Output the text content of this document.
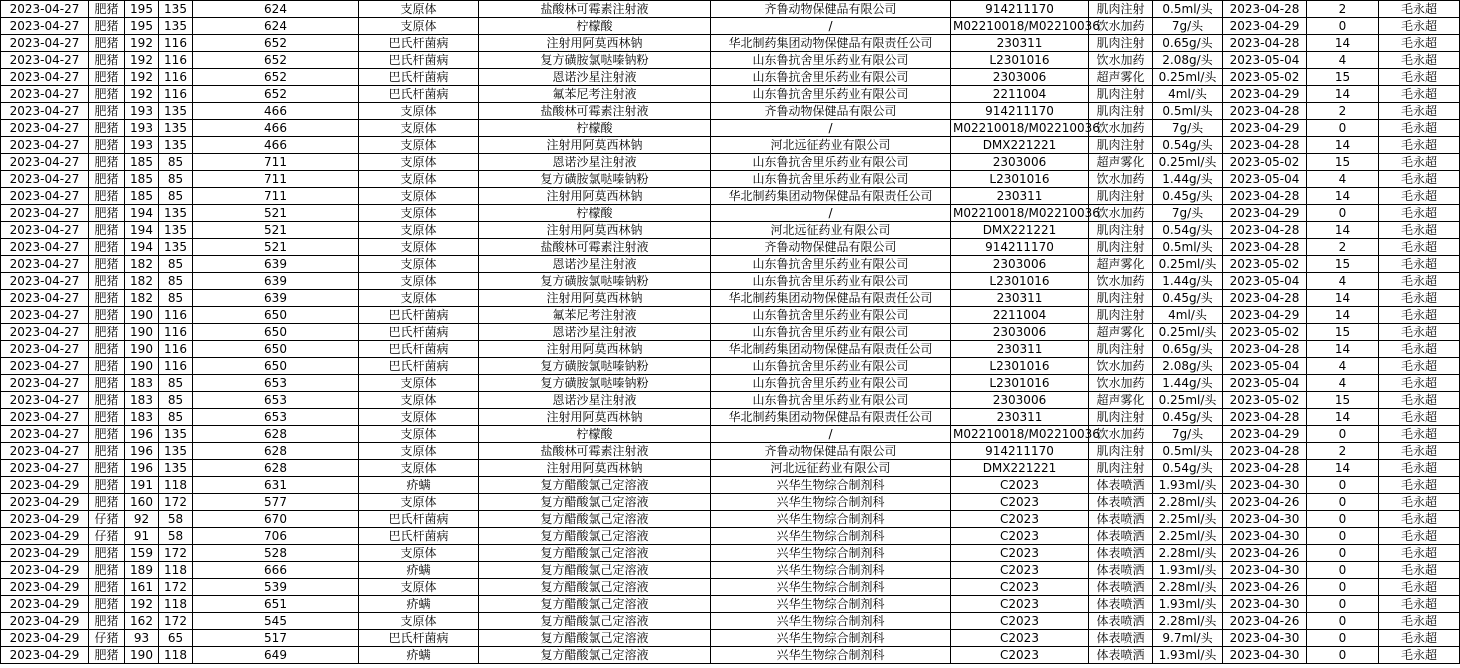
2023-04-27	肥猪	195	135	624	支原体	盐酸林可霉素注射液	齐鲁动物保健品有限公司	914211170	肌肉注射	0.5ml/头	2023-04-28	2	毛永超
2023-04-27	肥猪	195	135	624	支原体	柠檬酸	/	M02210018/M02210036	饮水加药	7g/头	2023-04-29	0	毛永超
2023-04-27	肥猪	192	116	652	巴氏杆菌病	注射用阿莫西林钠	华北制药集团动物保健品有限责任公司	230311	肌肉注射	0.65g/头	2023-04-28	14	毛永超
2023-04-27	肥猪	192	116	652	巴氏杆菌病	复方磺胺氯哒嗪钠粉	山东鲁抗舍里乐药业有限公司	L2301016	饮水加药	2.08g/头	2023-05-04	4	毛永超
2023-04-27	肥猪	192	116	652	巴氏杆菌病	恩诺沙星注射液	山东鲁抗舍里乐药业有限公司	2303006	超声雾化	0.25ml/头	2023-05-02	15	毛永超
2023-04-27	肥猪	192	116	652	巴氏杆菌病	氟苯尼考注射液	山东鲁抗舍里乐药业有限公司	2211004	肌肉注射	4ml/头	2023-04-29	14	毛永超
2023-04-27	肥猪	193	135	466	支原体	盐酸林可霉素注射液	齐鲁动物保健品有限公司	914211170	肌肉注射	0.5ml/头	2023-04-28	2	毛永超
2023-04-27	肥猪	193	135	466	支原体	柠檬酸	/	M02210018/M02210036	饮水加药	7g/头	2023-04-29	0	毛永超
2023-04-27	肥猪	193	135	466	支原体	注射用阿莫西林钠	河北远征药业有限公司	DMX221221	肌肉注射	0.54g/头	2023-04-28	14	毛永超
2023-04-27	肥猪	185	85	711	支原体	恩诺沙星注射液	山东鲁抗舍里乐药业有限公司	2303006	超声雾化	0.25ml/头	2023-05-02	15	毛永超
2023-04-27	肥猪	185	85	711	支原体	复方磺胺氯哒嗪钠粉	山东鲁抗舍里乐药业有限公司	L2301016	饮水加药	1.44g/头	2023-05-04	4	毛永超
2023-04-27	肥猪	185	85	711	支原体	注射用阿莫西林钠	华北制药集团动物保健品有限责任公司	230311	肌肉注射	0.45g/头	2023-04-28	14	毛永超
2023-04-27	肥猪	194	135	521	支原体	柠檬酸	/	M02210018/M02210036	饮水加药	7g/头	2023-04-29	0	毛永超
2023-04-27	肥猪	194	135	521	支原体	注射用阿莫西林钠	河北远征药业有限公司	DMX221221	肌肉注射	0.54g/头	2023-04-28	14	毛永超
2023-04-27	肥猪	194	135	521	支原体	盐酸林可霉素注射液	齐鲁动物保健品有限公司	914211170	肌肉注射	0.5ml/头	2023-04-28	2	毛永超
2023-04-27	肥猪	182	85	639	支原体	恩诺沙星注射液	山东鲁抗舍里乐药业有限公司	2303006	超声雾化	0.25ml/头	2023-05-02	15	毛永超
2023-04-27	肥猪	182	85	639	支原体	复方磺胺氯哒嗪钠粉	山东鲁抗舍里乐药业有限公司	L2301016	饮水加药	1.44g/头	2023-05-04	4	毛永超
2023-04-27	肥猪	182	85	639	支原体	注射用阿莫西林钠	华北制药集团动物保健品有限责任公司	230311	肌肉注射	0.45g/头	2023-04-28	14	毛永超
2023-04-27	肥猪	190	116	650	巴氏杆菌病	氟苯尼考注射液	山东鲁抗舍里乐药业有限公司	2211004	肌肉注射	4ml/头	2023-04-29	14	毛永超
2023-04-27	肥猪	190	116	650	巴氏杆菌病	恩诺沙星注射液	山东鲁抗舍里乐药业有限公司	2303006	超声雾化	0.25ml/头	2023-05-02	15	毛永超
2023-04-27	肥猪	190	116	650	巴氏杆菌病	注射用阿莫西林钠	华北制药集团动物保健品有限责任公司	230311	肌肉注射	0.65g/头	2023-04-28	14	毛永超
2023-04-27	肥猪	190	116	650	巴氏杆菌病	复方磺胺氯哒嗪钠粉	山东鲁抗舍里乐药业有限公司	L2301016	饮水加药	2.08g/头	2023-05-04	4	毛永超
2023-04-27	肥猪	183	85	653	支原体	复方磺胺氯哒嗪钠粉	山东鲁抗舍里乐药业有限公司	L2301016	饮水加药	1.44g/头	2023-05-04	4	毛永超
2023-04-27	肥猪	183	85	653	支原体	恩诺沙星注射液	山东鲁抗舍里乐药业有限公司	2303006	超声雾化	0.25ml/头	2023-05-02	15	毛永超
2023-04-27	肥猪	183	85	653	支原体	注射用阿莫西林钠	华北制药集团动物保健品有限责任公司	230311	肌肉注射	0.45g/头	2023-04-28	14	毛永超
2023-04-27	肥猪	196	135	628	支原体	柠檬酸	/	M02210018/M02210036	饮水加药	7g/头	2023-04-29	0	毛永超
2023-04-27	肥猪	196	135	628	支原体	盐酸林可霉素注射液	齐鲁动物保健品有限公司	914211170	肌肉注射	0.5ml/头	2023-04-28	2	毛永超
2023-04-27	肥猪	196	135	628	支原体	注射用阿莫西林钠	河北远征药业有限公司	DMX221221	肌肉注射	0.54g/头	2023-04-28	14	毛永超
2023-04-29	肥猪	191	118	631	疥螨	复方醋酸氯己定溶液	兴华生物综合制剂科	C2023	体表喷洒	1.93ml/头	2023-04-30	0	毛永超
2023-04-29	肥猪	160	172	577	支原体	复方醋酸氯己定溶液	兴华生物综合制剂科	C2023	体表喷洒	2.28ml/头	2023-04-26	0	毛永超
2023-04-29	仔猪	92	58	670	巴氏杆菌病	复方醋酸氯己定溶液	兴华生物综合制剂科	C2023	体表喷洒	2.25ml/头	2023-04-30	0	毛永超
2023-04-29	仔猪	91	58	706	巴氏杆菌病	复方醋酸氯己定溶液	兴华生物综合制剂科	C2023	体表喷洒	2.25ml/头	2023-04-30	0	毛永超
2023-04-29	肥猪	159	172	528	支原体	复方醋酸氯己定溶液	兴华生物综合制剂科	C2023	体表喷洒	2.28ml/头	2023-04-26	0	毛永超
2023-04-29	肥猪	189	118	666	疥螨	复方醋酸氯己定溶液	兴华生物综合制剂科	C2023	体表喷洒	1.93ml/头	2023-04-30	0	毛永超
2023-04-29	肥猪	161	172	539	支原体	复方醋酸氯己定溶液	兴华生物综合制剂科	C2023	体表喷洒	2.28ml/头	2023-04-26	0	毛永超
2023-04-29	肥猪	192	118	651	疥螨	复方醋酸氯己定溶液	兴华生物综合制剂科	C2023	体表喷洒	1.93ml/头	2023-04-30	0	毛永超
2023-04-29	肥猪	162	172	545	支原体	复方醋酸氯己定溶液	兴华生物综合制剂科	C2023	体表喷洒	2.28ml/头	2023-04-26	0	毛永超
2023-04-29	仔猪	93	65	517	巴氏杆菌病	复方醋酸氯己定溶液	兴华生物综合制剂科	C2023	体表喷洒	9.7ml/头	2023-04-30	0	毛永超
2023-04-29	肥猪	190	118	649	疥螨	复方醋酸氯己定溶液	兴华生物综合制剂科	C2023	体表喷洒	1.93ml/头	2023-04-30	0	毛永超
